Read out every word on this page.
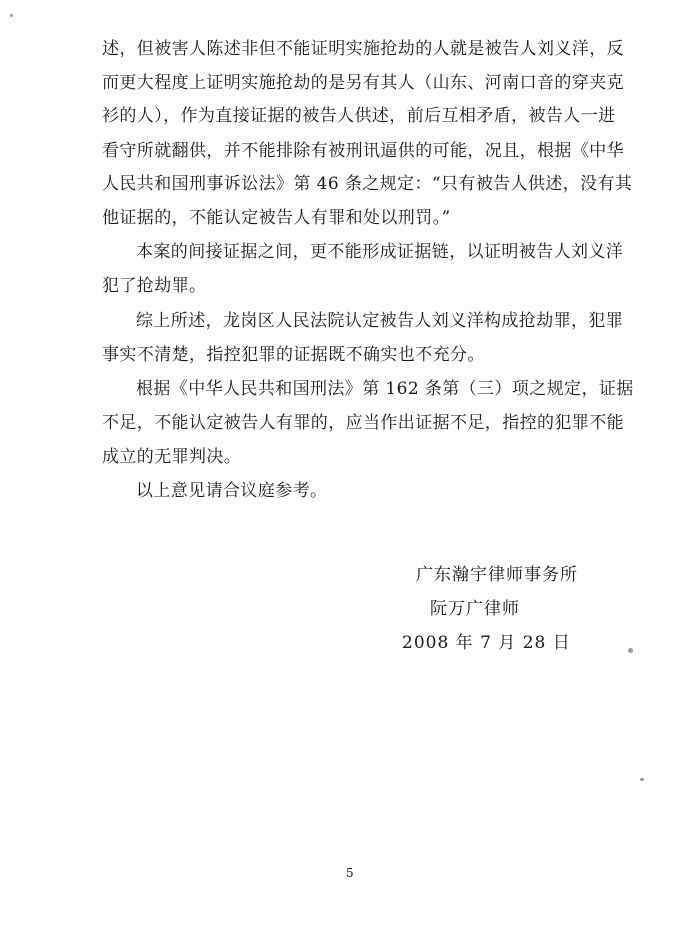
述，但被害人陈述非但不能证明实施抢劫的人就是被告人刘义洋，反
而更大程度上证明实施抢劫的是另有其人（山东、河南口音的穿夹克
衫的人），作为直接证据的被告人供述，前后互相矛盾，被告人一进
看守所就翻供，并不能排除有被刑讯逼供的可能，况且，根据《中华
人民共和国刑事诉讼法》第 46 条之规定：“只有被告人供述，没有其
他证据的，不能认定被告人有罪和处以刑罚。”
本案的间接证据之间，更不能形成证据链，以证明被告人刘义洋
犯了抢劫罪。
综上所述，龙岗区人民法院认定被告人刘义洋构成抢劫罪，犯罪
事实不清楚，指控犯罪的证据既不确实也不充分。
根据《中华人民共和国刑法》第 162 条第（三）项之规定，证据
不足，不能认定被告人有罪的，应当作出证据不足，指控的犯罪不能
成立的无罪判决。
以上意见请合议庭参考。
广东瀚宇律师事务所
阮万广律师
2008 年 7 月 28 日
5
